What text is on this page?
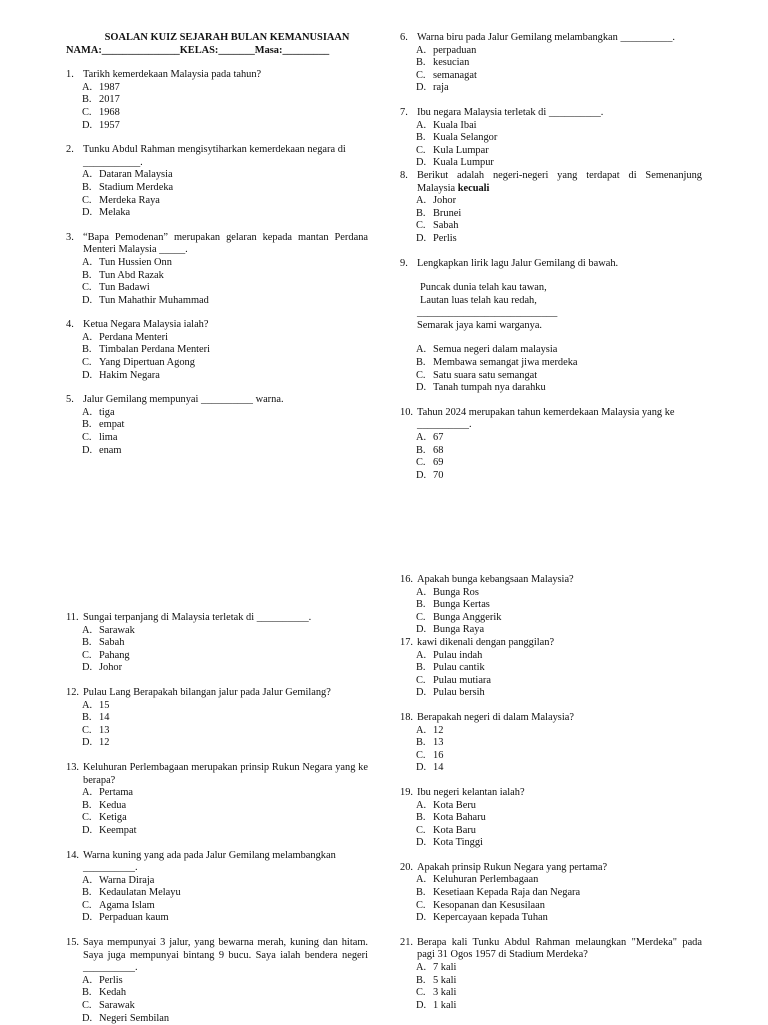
SOALAN KUIZ SEJARAH BULAN KEMANUSIAAN
NAMA:_______________KELAS:_______Masa:_________
1. Tarikh kemerdekaan Malaysia pada tahun?
A. 1987
B. 2017
C. 1968
D. 1957
2. Tunku Abdul Rahman mengisytiharkan kemerdekaan negara di
___________.
A. Dataran Malaysia
B. Stadium Merdeka
C. Merdeka Raya
D. Melaka
3. “Bapa Pemodenan” merupakan gelaran kepada mantan Perdana Menteri Malaysia _____.
A. Tun Hussien Onn
B. Tun Abd Razak
C. Tun Badawi
D. Tun Mahathir Muhammad
4. Ketua Negara Malaysia ialah?
A. Perdana Menteri
B. Timbalan Perdana Menteri
C. Yang Dipertuan Agong
D. Hakim Negara
5. Jalur Gemilang mempunyai __________ warna.
A. tiga
B. empat
C. lima
D. enam
6. Warna biru pada Jalur Gemilang melambangkan __________.
A. perpaduan
B. kesucian
C. semanagat
D. raja
7. Ibu negara Malaysia terletak di __________.
A. Kuala Ibai
B. Kuala Selangor
C. Kula Lumpar
D. Kuala Lumpur
8. Berikut adalah negeri-negeri yang terdapat di Semenanjung Malaysia kecuali
A. Johor
B. Brunei
C. Sabah
D. Perlis
9. Lengkapkan lirik lagu Jalur Gemilang di bawah.
Puncak dunia telah kau tawan,
Lautan luas telah kau redah,
___________________________
Semarak jaya kami warganya.
A. Semua negeri dalam malaysia
B. Membawa semangat jiwa merdeka
C. Satu suara satu semangat
D. Tanah tumpah nya darahku
10. Tahun 2024 merupakan tahun kemerdekaan Malaysia yang ke
__________.
A. 67
B. 68
C. 69
D. 70
11. Sungai terpanjang di Malaysia terletak di __________.
A. Sarawak
B. Sabah
C. Pahang
D. Johor
12. Pulau Lang Berapakah bilangan jalur pada Jalur Gemilang?
A. 15
B. 14
C. 13
D. 12
13. Keluhuran Perlembagaan merupakan prinsip Rukun Negara yang ke berapa?
A. Pertama
B. Kedua
C. Ketiga
D. Keempat
14. Warna kuning yang ada pada Jalur Gemilang melambangkan
__________.
A. Warna Diraja
B. Kedaulatan Melayu
C. Agama Islam
D. Perpaduan kaum
15. Saya mempunyai 3 jalur, yang bewarna merah, kuning dan hitam. Saya juga mempunyai bintang 9 bucu. Saya ialah bendera negeri __________.
A. Perlis
B. Kedah
C. Sarawak
D. Negeri Sembilan
16. Apakah bunga kebangsaan Malaysia?
A. Bunga Ros
B. Bunga Kertas
C. Bunga Anggerik
D. Bunga Raya
17. kawi dikenali dengan panggilan?
A. Pulau indah
B. Pulau cantik
C. Pulau mutiara
D. Pulau bersih
18. Berapakah negeri di dalam Malaysia?
A. 12
B. 13
C. 16
D. 14
19. Ibu negeri kelantan ialah?
A. Kota Beru
B. Kota Baharu
C. Kota Baru
D. Kota Tinggi
20. Apakah prinsip Rukun Negara yang pertama?
A. Keluhuran Perlembagaan
B. Kesetiaan Kepada Raja dan Negara
C. Kesopanan dan Kesusilaan
D. Kepercayaan kepada Tuhan
21. Berapa kali Tunku Abdul Rahman melaungkan "Merdeka" pada pagi 31 Ogos 1957 di Stadium Merdeka?
A. 7 kali
B. 5 kali
C. 3 kali
D. 1 kali
